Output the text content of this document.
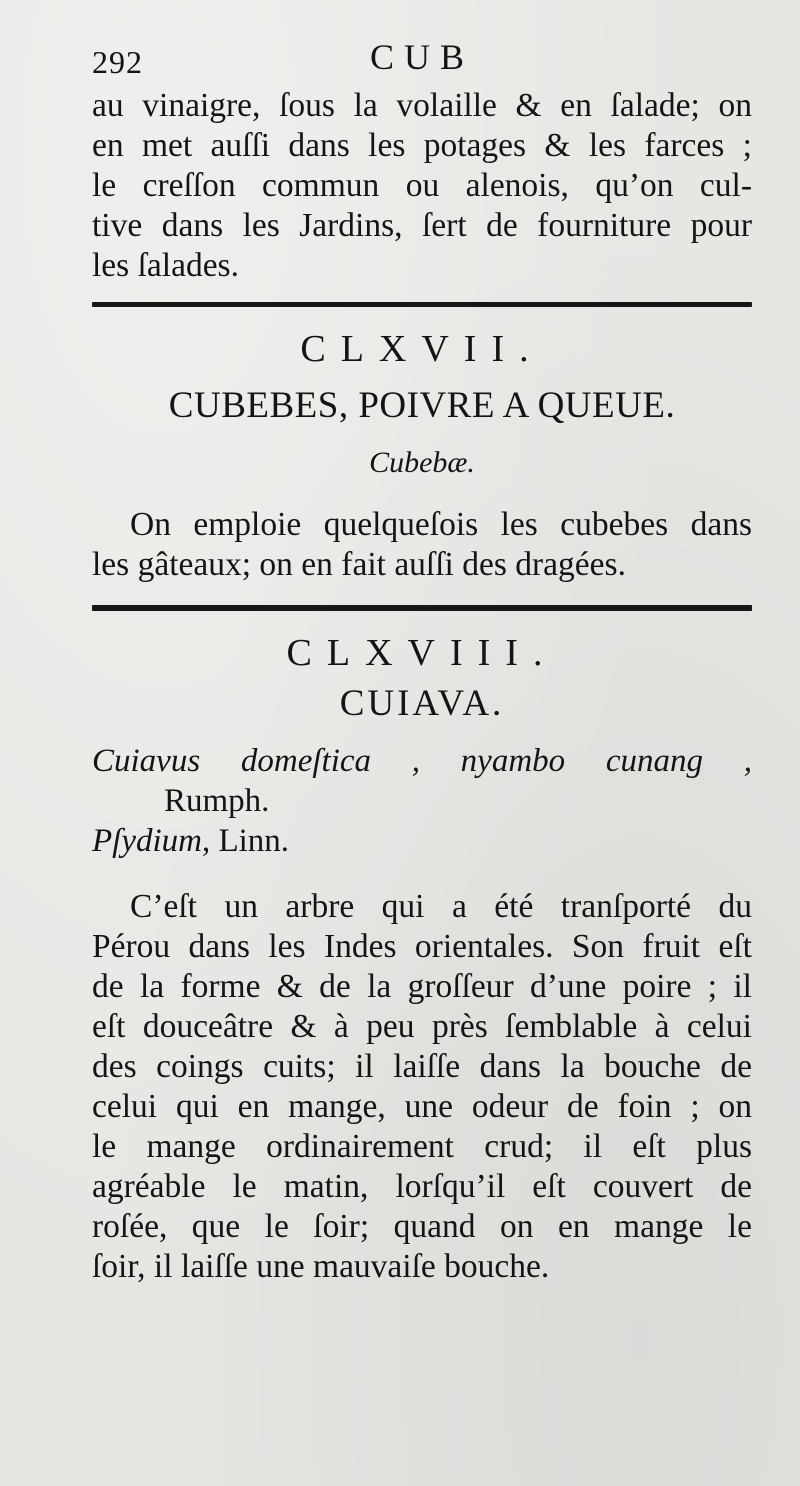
292	CUB
au vinaigre, ſous la volaille & en ſalade; on
en met auſſi dans les potages & les farces ;
le creſſon commun ou alenois, qu’on cul-
tive dans les Jardins, ſert de fourniture pour
les ſalades.
CLXVII.
CUBEBES, POIVRE A QUEUE.
Cubebæ.
On emploie quelqueſois les cubebes dans
les gâteaux; on en fait auſſi des dragées.
CLXVIII.
CUIAVA.
Cuiavus domeſtica , nyambo cunang ,
Rumph.
Pſydium, Linn.
C’eſt un arbre qui a été tranſporté du
Pérou dans les Indes orientales. Son fruit eſt
de la forme & de la groſſeur d’une poire ; il
eſt douceâtre & à peu près ſemblable à celui
des coings cuits; il laiſſe dans la bouche de
celui qui en mange, une odeur de foin ; on
le mange ordinairement crud; il eſt plus
agréable le matin, lorſqu’il eſt couvert de
roſée, que le ſoir; quand on en mange le
ſoir, il laiſſe une mauvaiſe bouche.
